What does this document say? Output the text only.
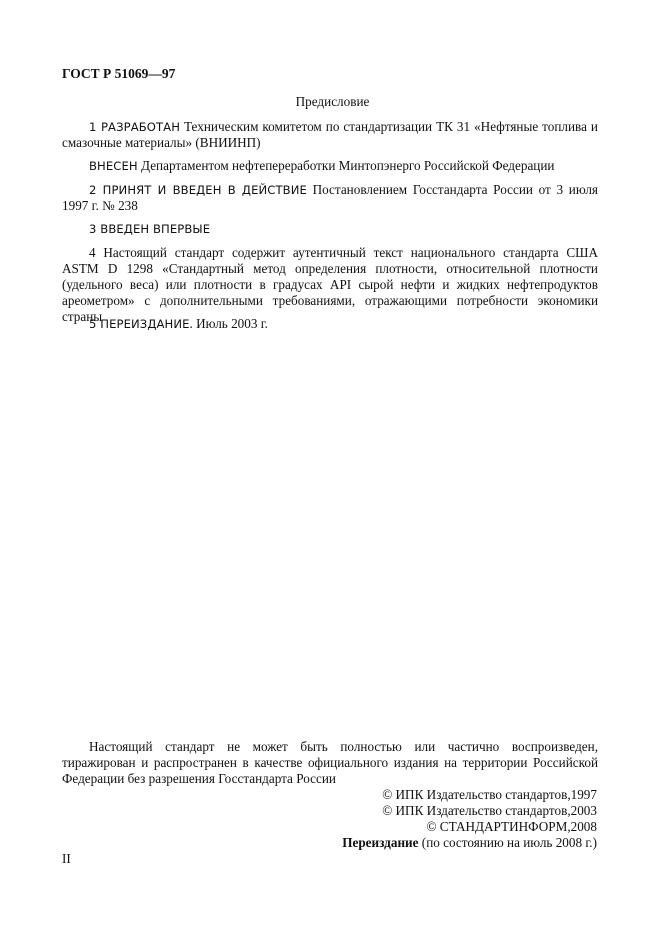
ГОСТ Р 51069—97
Предисловие

1 РАЗРАБОТАН Техническим комитетом по стандартизации ТК 31 «Нефтяные топлива и смазочные материалы» (ВНИИНП)

ВНЕСЕН Департаментом нефтепереработки Минтопэнерго Российской Федерации

2 ПРИНЯТ И ВВЕДЕН В ДЕЙСТВИЕ Постановлением Госстандарта России от 3 июля 1997 г. № 238

3 ВВЕДЕН ВПЕРВЫЕ

4 Настоящий стандарт содержит аутентичный текст национального стандарта США ASTM D 1298 «Стандартный метод определения плотности, относительной плотности (удельного веса) или плотности в градусах API сырой нефти и жидких нефтепродуктов ареометром» с дополнительными требованиями, отражающими потребности экономики страны

5 ПЕРЕИЗДАНИЕ. Июль 2003 г.

Настоящий стандарт не может быть полностью или частично воспроизведен, тиражирован и распространен в качестве официального издания на территории Российской Федерации без разрешения Госстандарта России

© ИПК Издательство стандартов,1997
© ИПК Издательство стандартов,2003
© СТАНДАРТИНФОРМ,2008
Переиздание (по состоянию на июль 2008 г.)
II
